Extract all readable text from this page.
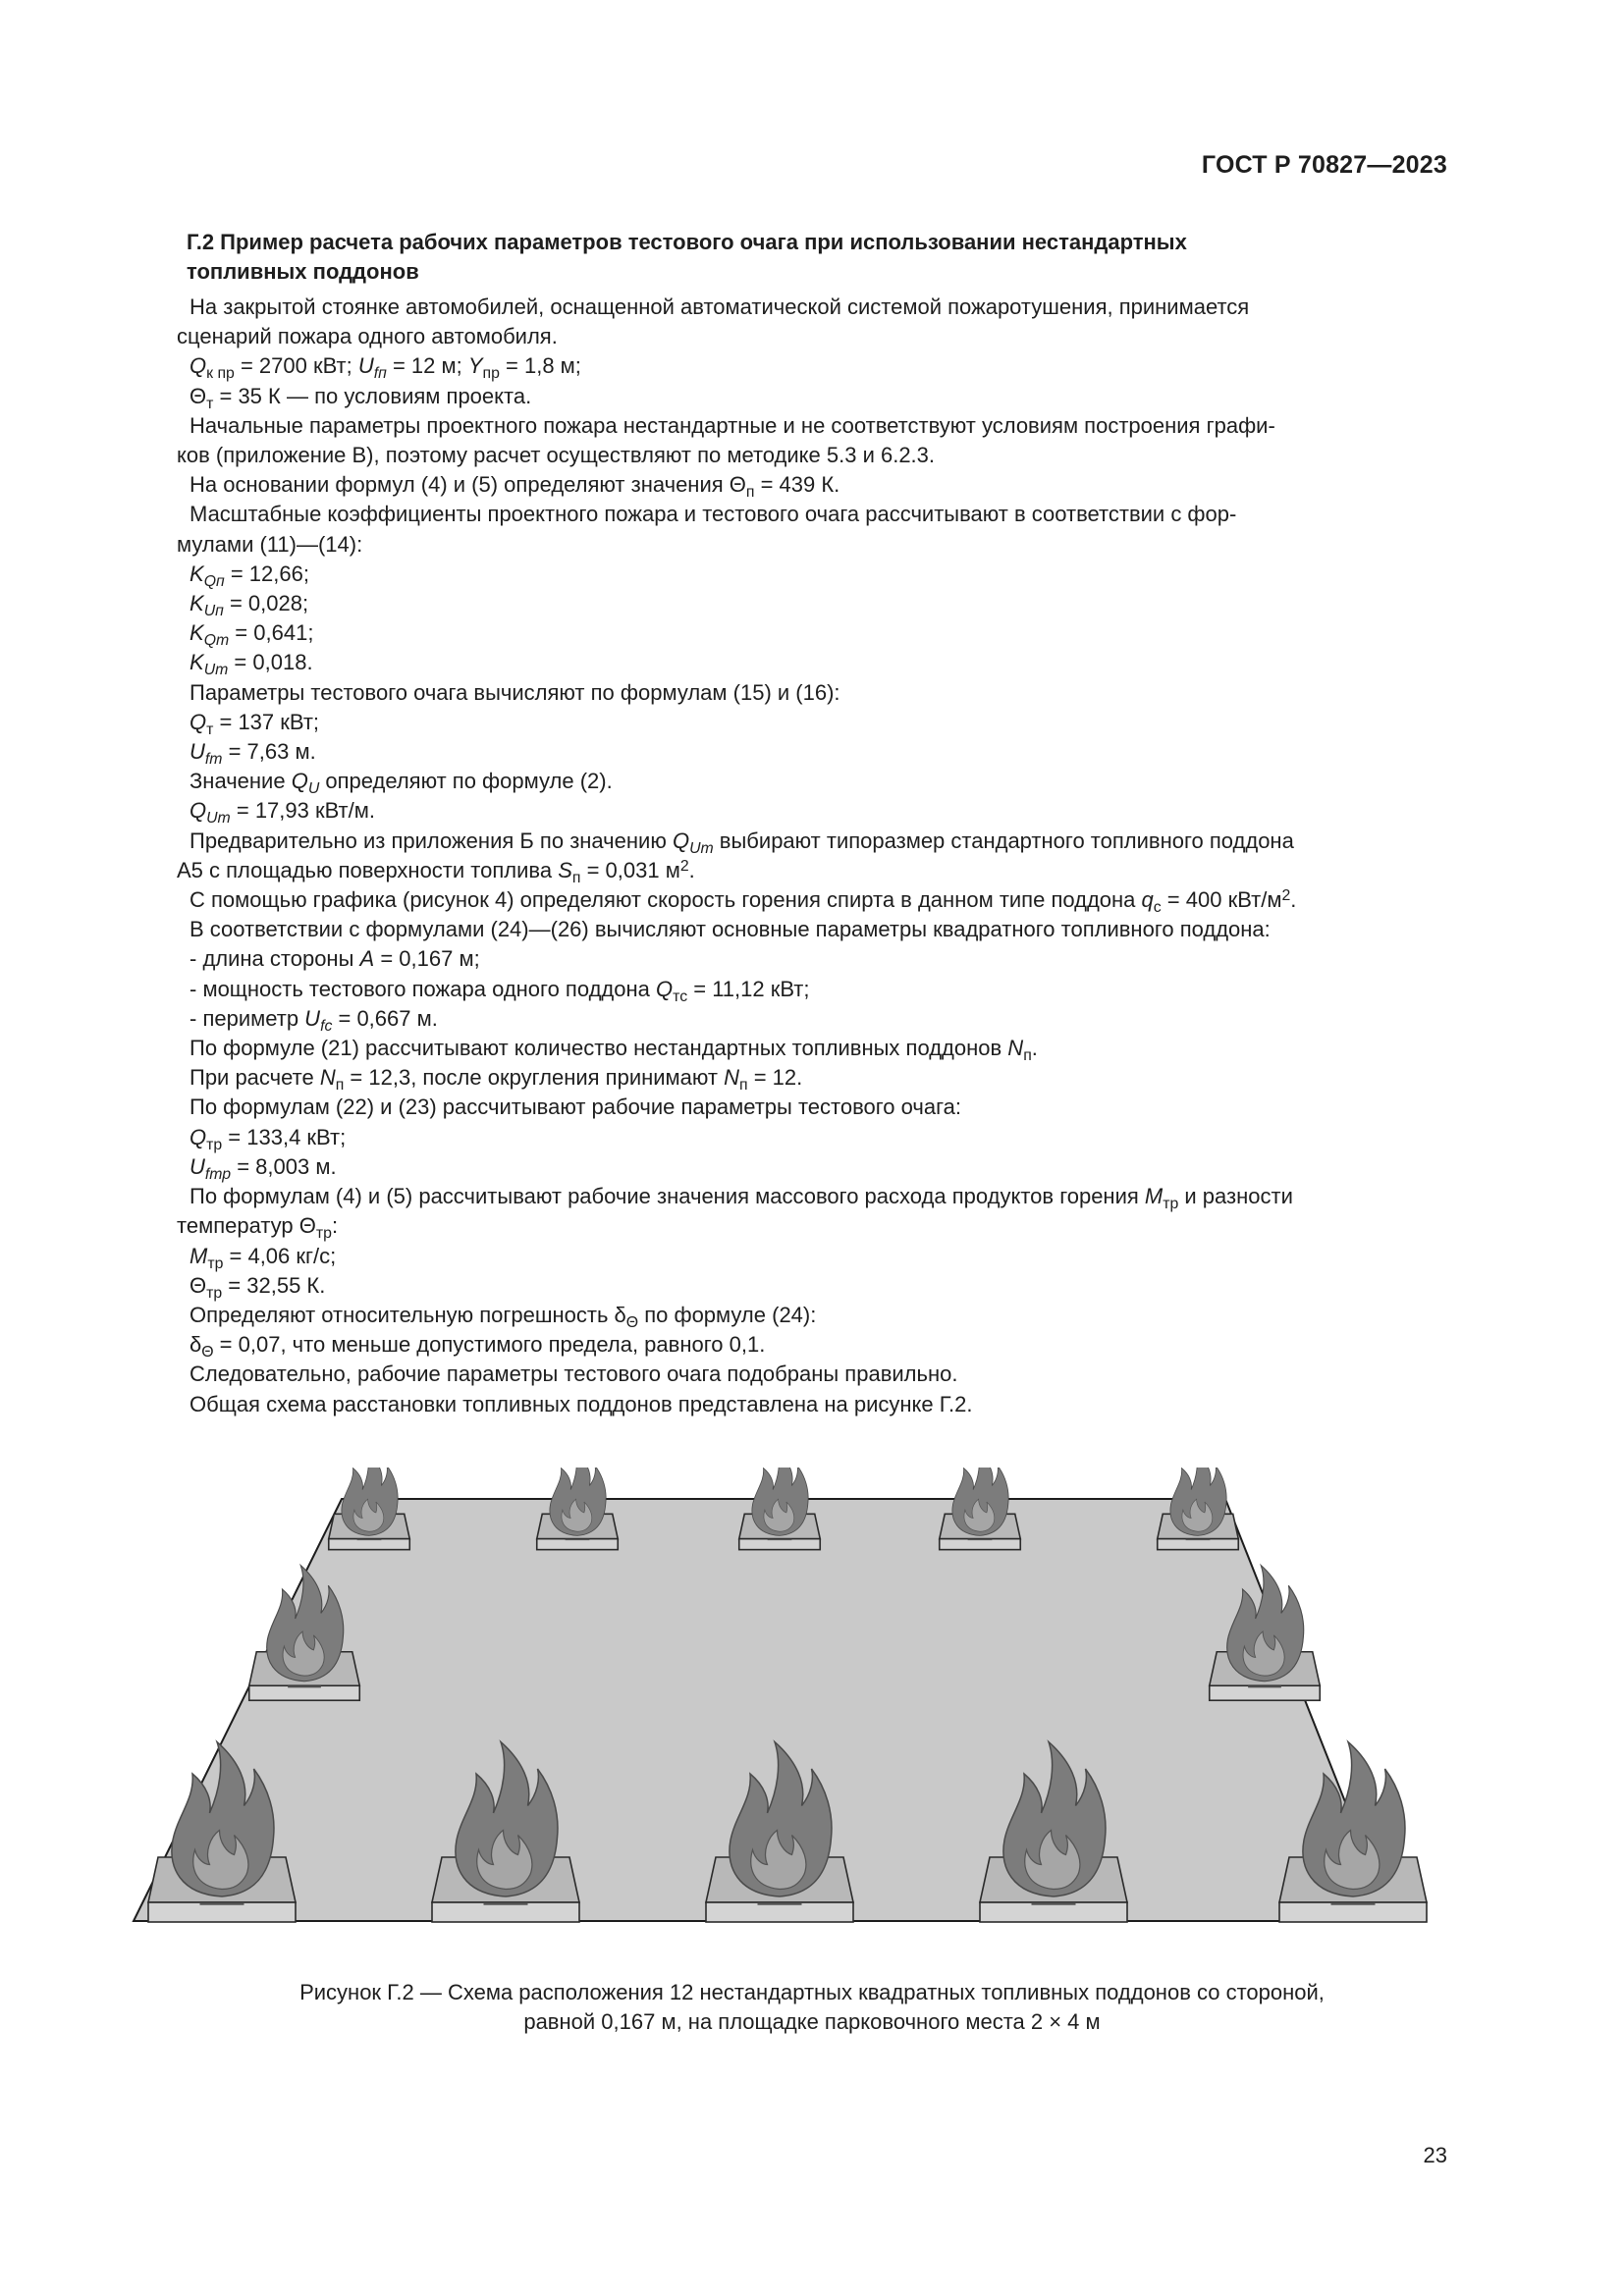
ГОСТ Р 70827—2023
Г.2 Пример расчета рабочих параметров тестового очага при использовании нестандартных
топливных поддонов

На закрытой стоянке автомобилей, оснащенной автоматической системой пожаротушения, принимается

сценарий пожара одного автомобиля.

$Q_{к пр} = 2700$ кВт; $U_{fп} = 12$ м; $Y_{пр} = 1,8$ м;

$\Theta_т = 35$ К — по условиям проекта.

Начальные параметры проектного пожара нестандартные и не соответствуют условиям построения графи-

ков (приложение В), поэтому расчет осуществляют по методике 5.3 и 6.2.3.

На основании формул (4) и (5) определяют значения $\Theta_п = 439$ К.

Масштабные коэффициенты проектного пожара и тестового очага рассчитывают в соответствии с фор-

мулами (11)—(14):

$K_{Qп} = 12,66$;

$K_{Uп} = 0,028$;

$K_{Qт} = 0,641$;

$K_{Uт} = 0,018$.

Параметры тестового очага вычисляют по формулам (15) и (16):

$Q_т = 137$ кВт;

$U_{fт} = 7,63$ м.

Значение $Q_U$ определяют по формуле (2).

$Q_{Uт} = 17,93$ кВт/м.

Предварительно из приложения Б по значению $Q_{Uт}$ выбирают типоразмер стандартного топливного поддона

А5 с площадью поверхности топлива $S_п = 0,031$ $м^2$.

С помощью графика (рисунок 4) определяют скорость горения спирта в данном типе поддона $q_с = 400$ кВт/$м^2$.

В соответствии с формулами (24)—(26) вычисляют основные параметры квадратного топливного поддона:

- длина стороны A = 0,167 м;

- мощность тестового пожара одного поддона $Q_{тс} = 11,12$ кВт;

- периметр $U_{fc} = 0,667$ м.

По формуле (21) рассчитывают количество нестандартных топливных поддонов $N_п$.

При расчете $N_п = 12,3$, после округления принимают $N_п = 12$.

По формулам (22) и (23) рассчитывают рабочие параметры тестового очага:

$Q_{тр} = 133,4$ кВт;

$U_{fтр} = 8,003$ м.

По формулам (4) и (5) рассчитывают рабочие значения массового расхода продуктов горения $M_{тр}$ и разности

температур $\Theta_{тр}$:

$M_{тр} = 4,06$ кг/с;

$\Theta_{тр} = 32,55$ К.

Определяют относительную погрешность $\delta_\Theta$ по формуле (24):

$\delta_\Theta = 0,07$, что меньше допустимого предела, равного 0,1.

Следовательно, рабочие параметры тестового очага подобраны правильно.

Общая схема расстановки топливных поддонов представлена на рисунке Г.2.

Рисунок Г.2 — Схема расположения 12 нестандартных квадратных топливных поддонов со стороной,
равной 0,167 м, на площадке парковочного места 2 × 4 м
23
